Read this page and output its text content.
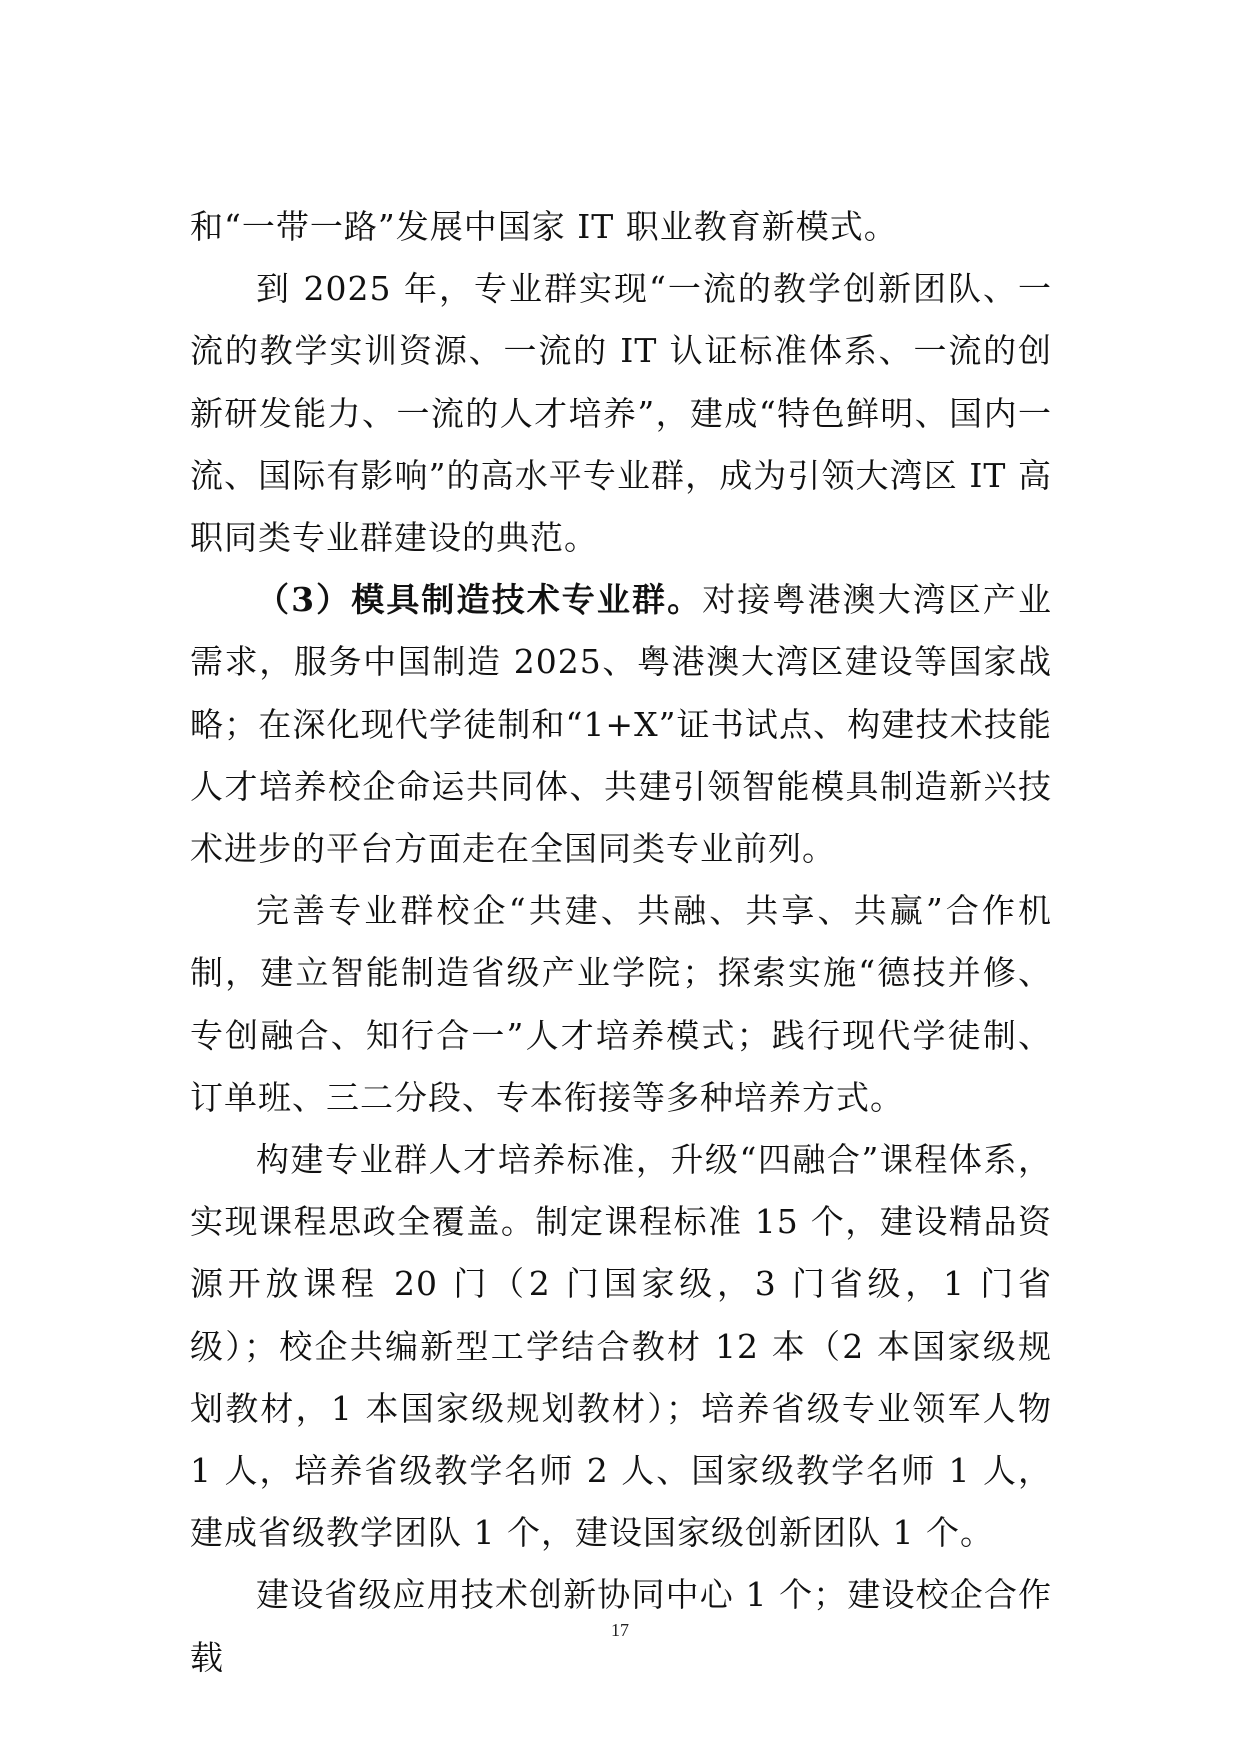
和“一带一路”发展中国家 IT 职业教育新模式。

到 2025 年，专业群实现“一流的教学创新团队、一流的教学实训资源、一流的 IT 认证标准体系、一流的创新研发能力、一流的人才培养”，建成“特色鲜明、国内一流、国际有影响”的高水平专业群，成为引领大湾区 IT 高职同类专业群建设的典范。

（3）模具制造技术专业群。对接粤港澳大湾区产业需求，服务中国制造 2025、粤港澳大湾区建设等国家战略；在深化现代学徒制和“1+X”证书试点、构建技术技能人才培养校企命运共同体、共建引领智能模具制造新兴技术进步的平台方面走在全国同类专业前列。

完善专业群校企“共建、共融、共享、共赢”合作机制，建立智能制造省级产业学院；探索实施“德技并修、专创融合、知行合一”人才培养模式；践行现代学徒制、订单班、三二分段、专本衔接等多种培养方式。

构建专业群人才培养标准，升级“四融合”课程体系，实现课程思政全覆盖。制定课程标准 15 个，建设精品资源开放课程 20 门（2 门国家级，3 门省级，1 门省级）；校企共编新型工学结合教材 12 本（2 本国家级规划教材，1 本国家级规划教材）；培养省级专业领军人物 1 人，培养省级教学名师 2 人、国家级教学名师 1 人，建成省级教学团队 1 个，建设国家级创新团队 1 个。

建设省级应用技术创新协同中心 1 个；建设校企合作载

17
